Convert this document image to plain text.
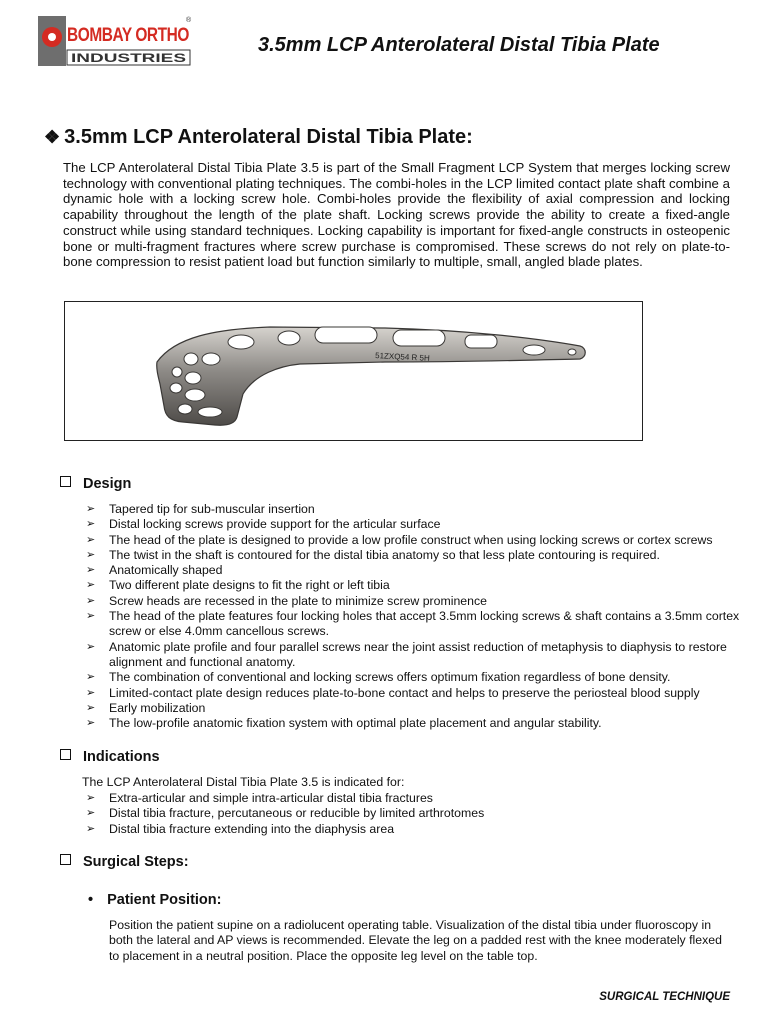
BOMBAY ORTHO
®
INDUSTRIES
3.5mm LCP Anterolateral Distal Tibia Plate
❖ 3.5mm LCP Anterolateral Distal Tibia Plate:
The LCP Anterolateral Distal Tibia Plate 3.5 is part of the Small Fragment LCP System that merges locking screw technology with conventional plating techniques. The combi-holes in the LCP limited contact plate shaft combine a dynamic hole with a locking screw hole. Combi-holes provide the flexibility of axial compression and locking capability throughout the length of the plate shaft. Locking screws provide the ability to create a fixed-angle construct while using standard techniques. Locking capability is important for fixed-angle constructs in osteopenic bone or multi-fragment fractures where screw purchase is compromised. These screws do not rely on plate-to-bone compression to resist patient load but function similarly to multiple, small, angled blade plates.
51ZXQ54 R 5H
Design
➢	Tapered tip for sub-muscular insertion
➢	Distal locking screws provide support for the articular surface
➢	The head of the plate is designed to provide a low profile construct when using locking screws or cortex screws
➢	The twist in the shaft is contoured for the distal tibia anatomy so that less plate contouring is required.
➢	Anatomically shaped
➢	Two different plate designs to fit the right or left tibia
➢	Screw heads are recessed in the plate to minimize screw prominence
➢	The head of the plate features four locking holes that accept 3.5mm locking screws & shaft contains a 3.5mm cortex screw or else 4.0mm cancellous screws.
➢	Anatomic plate profile and four parallel screws near the joint assist reduction of metaphysis to diaphysis to restore alignment and functional anatomy.
➢	The combination of conventional and locking screws offers optimum fixation regardless of bone density.
➢	Limited-contact plate design reduces plate-to-bone contact and helps to preserve the periosteal blood supply
➢	Early mobilization
➢	The low-profile anatomic fixation system with optimal plate placement and angular stability.
Indications
The LCP Anterolateral Distal Tibia Plate 3.5 is indicated for:
➢	Extra-articular and simple intra-articular distal tibia fractures
➢	Distal tibia fracture, percutaneous or reducible by limited arthrotomes
➢	Distal tibia fracture extending into the diaphysis area
Surgical Steps:
• Patient Position:
Position the patient supine on a radiolucent operating table. Visualization of the distal tibia under fluoroscopy in both the lateral and AP views is recommended. Elevate the leg on a padded rest with the knee moderately flexed to placement in a neutral position. Place the opposite leg level on the table top.
SURGICAL TECHNIQUE
